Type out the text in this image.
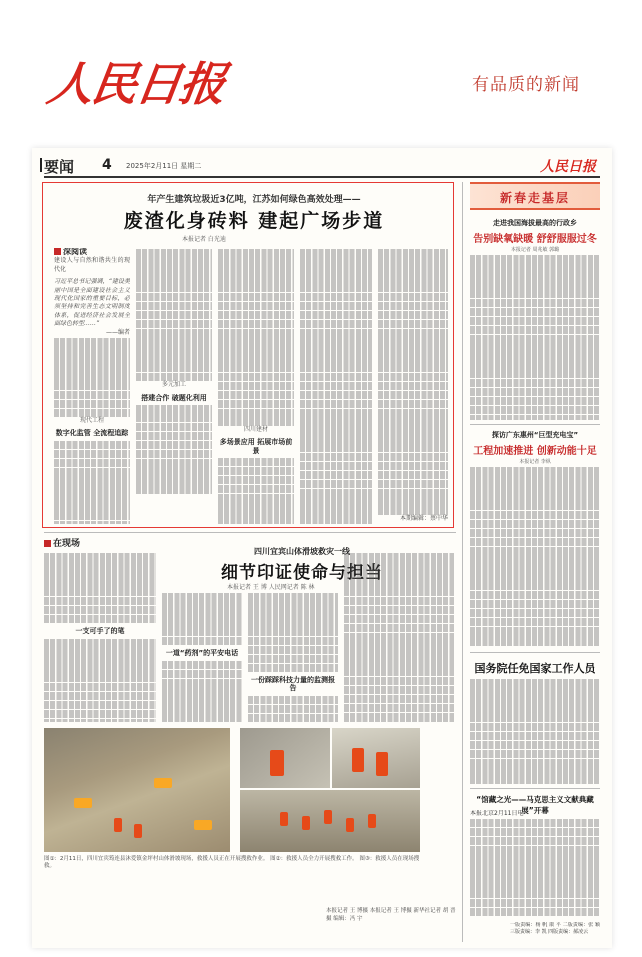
人民日报	有品质的新闻
要闻 4 2025年2月11日 星期二	人民日报
年产生建筑垃圾近3亿吨，江苏如何绿色高效处理——
废渣化身砖料 建起广场步道
本报记者 白光迪
深阅读
建设人与自然和谐共生的现代化
习近平总书记强调，“建设美丽中国是全面建设社会主义现代化国家的重要目标，必须坚持和完善生态文明制度体系，促进经济社会发展全面绿色转型……”
——编者
现代工程
数字化监管 全流程追踪
多元加工
搭建合作 破题化利用
四川建材
多场景应用 拓展市场前景
本期编辑：蔡中华
新春走基层
走进我国海拔最高的行政乡
告别缺氧缺暖 舒舒服服过冬
本报记者 周兆敏 郭璐
探访广东惠州“巨型充电宝”
工程加速推进 创新动能十足
本报记者 李纵
国务院任免国家工作人员
“馆藏之光——马克思主义文献典藏展”开幕
本报北京2月11日电
一版责编：杨 帆 康 平 二版责编：张 颖 三版责编：李 凯 四版责编：郝凌云
在现场
四川宜宾山体滑坡救灾一线
细节印证使命与担当
本报记者 王 博 人民网记者 陈 林
一支可手了的笔
一道“药剂”的平安电话
一份踩踩科技力量的监测报告
图①：2月11日，四川宜宾筠连县沐爱镇金坪村山体滑坡现场，救援人员正在开展搜救作业。 图②：救援人员全力开展搜救工作。 图③：救援人员在现场搜救。
本报记者 王 博摄 本报记者 王 博摄 新华社记者 胡 晋摄 编辑：冯 宇
